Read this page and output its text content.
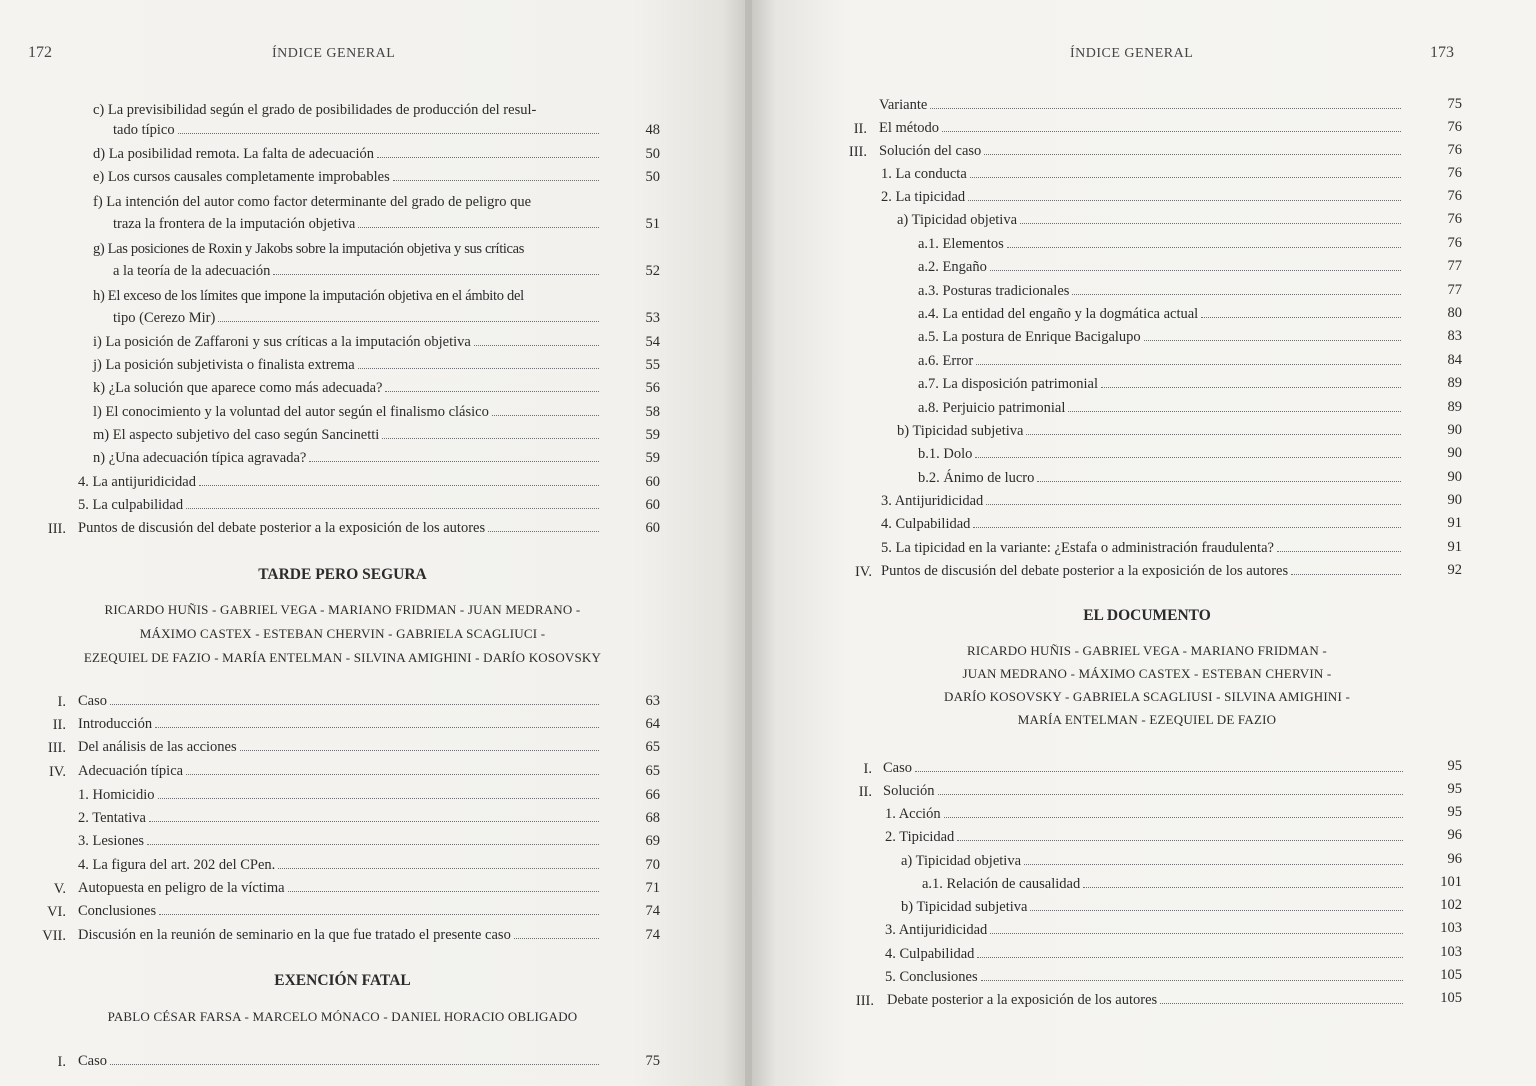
172	ÍNDICE GENERAL
c) La previsibilidad según el grado de posibilidades de producción del resul-
tado típico	48
d) La posibilidad remota. La falta de adecuación	50
e) Los cursos causales completamente improbables	50
f) La intención del autor como factor determinante del grado de peligro que
traza la frontera de la imputación objetiva	51
g) Las posiciones de Roxin y Jakobs sobre la imputación objetiva y sus críticas
a la teoría de la adecuación	52
h) El exceso de los límites que impone la imputación objetiva en el ámbito del
tipo (Cerezo Mir)	53
i) La posición de Zaffaroni y sus críticas a la imputación objetiva	54
j) La posición subjetivista o finalista extrema	55
k) ¿La solución que aparece como más adecuada?	56
l) El conocimiento y la voluntad del autor según el finalismo clásico	58
m) El aspecto subjetivo del caso según Sancinetti	59
n) ¿Una adecuación típica agravada?	59
4. La antijuridicidad	60
5. La culpabilidad	60
III. Puntos de discusión del debate posterior a la exposición de los autores	60
TARDE PERO SEGURA
RICARDO HUÑIS - GABRIEL VEGA - MARIANO FRIDMAN - JUAN MEDRANO -
MÁXIMO CASTEX - ESTEBAN CHERVIN - GABRIELA SCAGLIUCI -
EZEQUIEL DE FAZIO - MARÍA ENTELMAN - SILVINA AMIGHINI - DARÍO KOSOVSKY
I. Caso	63
II. Introducción	64
III. Del análisis de las acciones	65
IV. Adecuación típica	65
1. Homicidio	66
2. Tentativa	68
3. Lesiones	69
4. La figura del art. 202 del CPen.	70
V. Autopuesta en peligro de la víctima	71
VI. Conclusiones	74
VII. Discusión en la reunión de seminario en la que fue tratado el presente caso	74
EXENCIÓN FATAL
PABLO CÉSAR FARSA - MARCELO MÓNACO - DANIEL HORACIO OBLIGADO
I. Caso	75
ÍNDICE GENERAL	173
Variante	75
II. El método	76
III. Solución del caso	76
1. La conducta	76
2. La tipicidad	76
a) Tipicidad objetiva	76
a.1. Elementos	76
a.2. Engaño	77
a.3. Posturas tradicionales	77
a.4. La entidad del engaño y la dogmática actual	80
a.5. La postura de Enrique Bacigalupo	83
a.6. Error	84
a.7. La disposición patrimonial	89
a.8. Perjuicio patrimonial	89
b) Tipicidad subjetiva	90
b.1. Dolo	90
b.2. Ánimo de lucro	90
3. Antijuridicidad	90
4. Culpabilidad	91
5. La tipicidad en la variante: ¿Estafa o administración fraudulenta?	91
IV. Puntos de discusión del debate posterior a la exposición de los autores	92
EL DOCUMENTO
RICARDO HUÑIS - GABRIEL VEGA - MARIANO FRIDMAN -
JUAN MEDRANO - MÁXIMO CASTEX - ESTEBAN CHERVIN -
DARÍO KOSOVSKY - GABRIELA SCAGLIUSI - SILVINA AMIGHINI -
MARÍA ENTELMAN - EZEQUIEL DE FAZIO
I. Caso	95
II. Solución	95
1. Acción	95
2. Tipicidad	96
a) Tipicidad objetiva	96
a.1. Relación de causalidad	101
b) Tipicidad subjetiva	102
3. Antijuridicidad	103
4. Culpabilidad	103
5. Conclusiones	105
III. Debate posterior a la exposición de los autores	105
